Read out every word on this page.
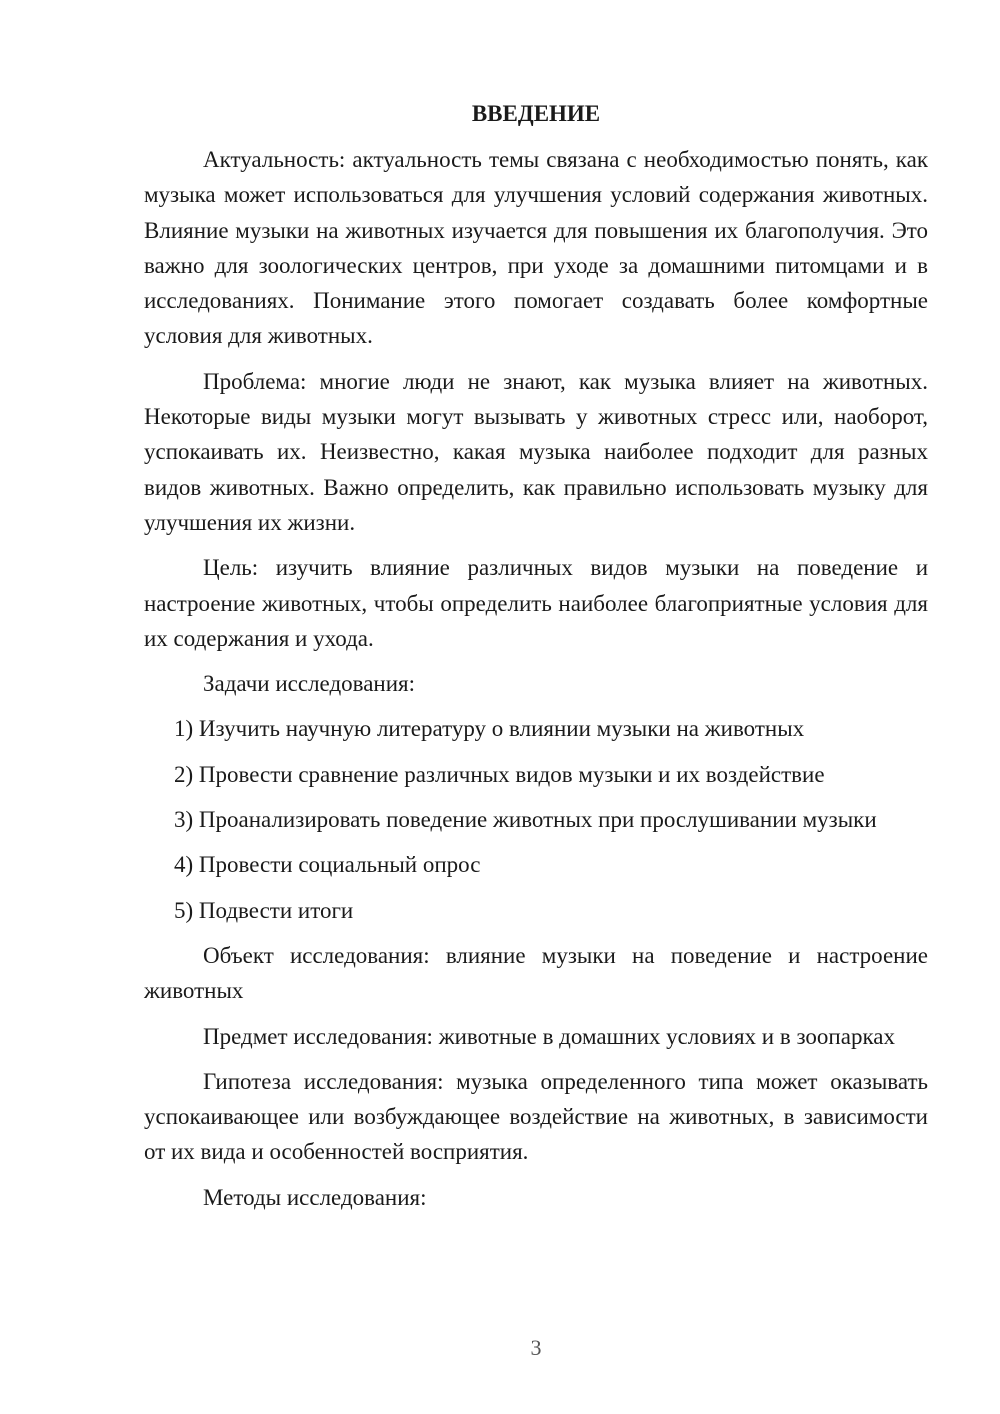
ВВЕДЕНИЕ

Актуальность: актуальность темы связана с необходимостью понять, как музыка может использоваться для улучшения условий содержания животных. Влияние музыки на животных изучается для повышения их благополучия. Это важно для зоологических центров, при уходе за домашними питомцами и в исследованиях. Понимание этого помогает создавать более комфортные условия для животных.

Проблема: многие люди не знают, как музыка влияет на животных. Некоторые виды музыки могут вызывать у животных стресс или, наоборот, успокаивать их. Неизвестно, какая музыка наиболее подходит для разных видов животных. Важно определить, как правильно использовать музыку для улучшения их жизни.

Цель: изучить влияние различных видов музыки на поведение и настроение животных, чтобы определить наиболее благоприятные условия для их содержания и ухода.

Задачи исследования:

1) Изучить научную литературу о влиянии музыки на животных

2) Провести сравнение различных видов музыки и их воздействие

3) Проанализировать поведение животных при прослушивании музыки

4) Провести социальный опрос

5) Подвести итоги

Объект исследования: влияние музыки на поведение и настроение животных

Предмет исследования: животные в домашних условиях и в зоопарках

Гипотеза исследования: музыка определенного типа может оказывать успокаивающее или возбуждающее воздействие на животных, в зависимости от их вида и особенностей восприятия.

Методы исследования:

3
